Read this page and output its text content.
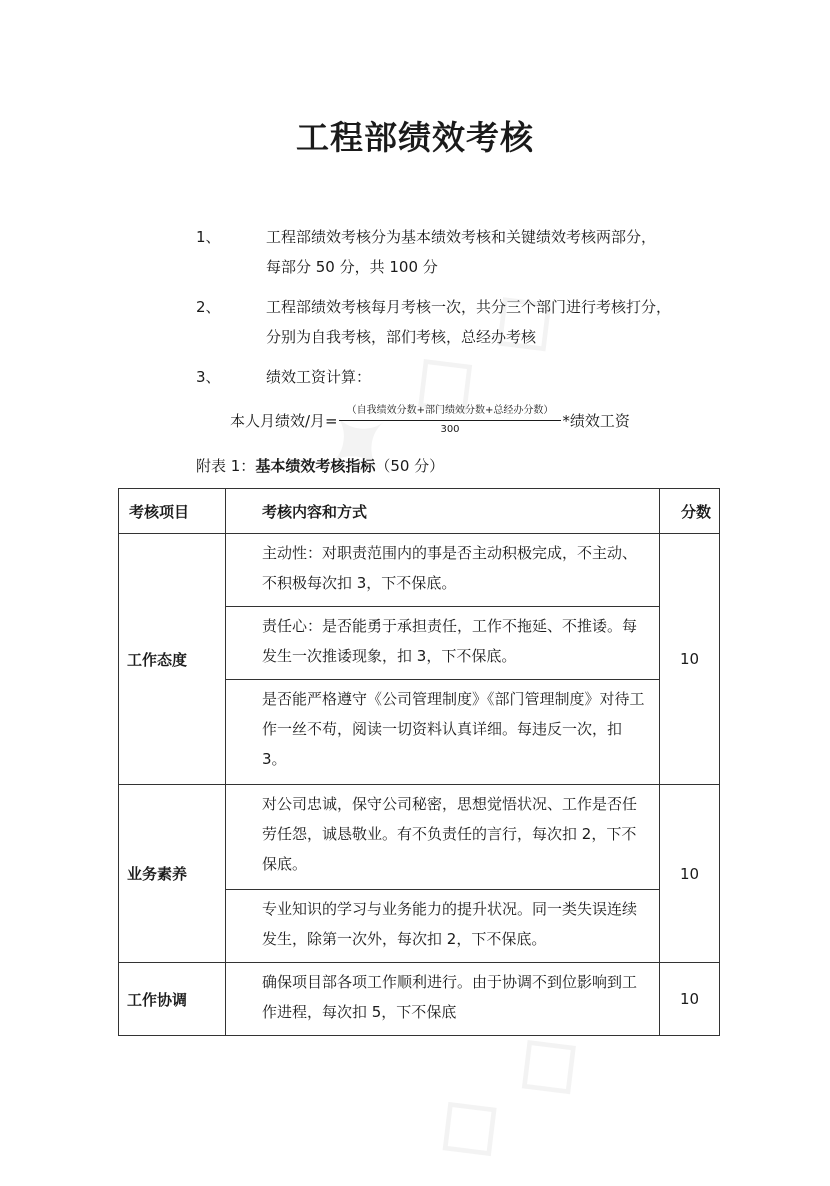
工程部绩效考核
1、	工程部绩效考核分为基本绩效考核和关键绩效考核两部分，
每部分 50 分，共 100 分
2、	工程部绩效考核每月考核一次，共分三个部门进行考核打分，
分别为自我考核，部们考核，总经办考核
3、	绩效工资计算：
本人月绩效/月= $\frac{\text{（自我绩效分数+部门绩效分数+总经办分数）}}{300}$ *绩效工资
附表 1：基本绩效考核指标（50 分）
考核项目	考核内容和方式	分数
工作态度	主动性：对职责范围内的事是否主动积极完成，不主动、不积极每次扣 3，下不保底。	10
	责任心：是否能勇于承担责任，工作不拖延、不推诿。每发生一次推诿现象，扣 3，下不保底。	
	是否能严格遵守《公司管理制度》《部门管理制度》对待工作一丝不苟，阅读一切资料认真详细。每违反一次，扣 3。	
业务素养	对公司忠诚，保守公司秘密，思想觉悟状况、工作是否任劳任怨，诚恳敬业。有不负责任的言行，每次扣 2，下不保底。	10
	专业知识的学习与业务能力的提升状况。同一类失误连续发生，除第一次外，每次扣 2，下不保底。	
工作协调	确保项目部各项工作顺利进行。由于协调不到位影响到工作进程，每次扣 5，下不保底	10
